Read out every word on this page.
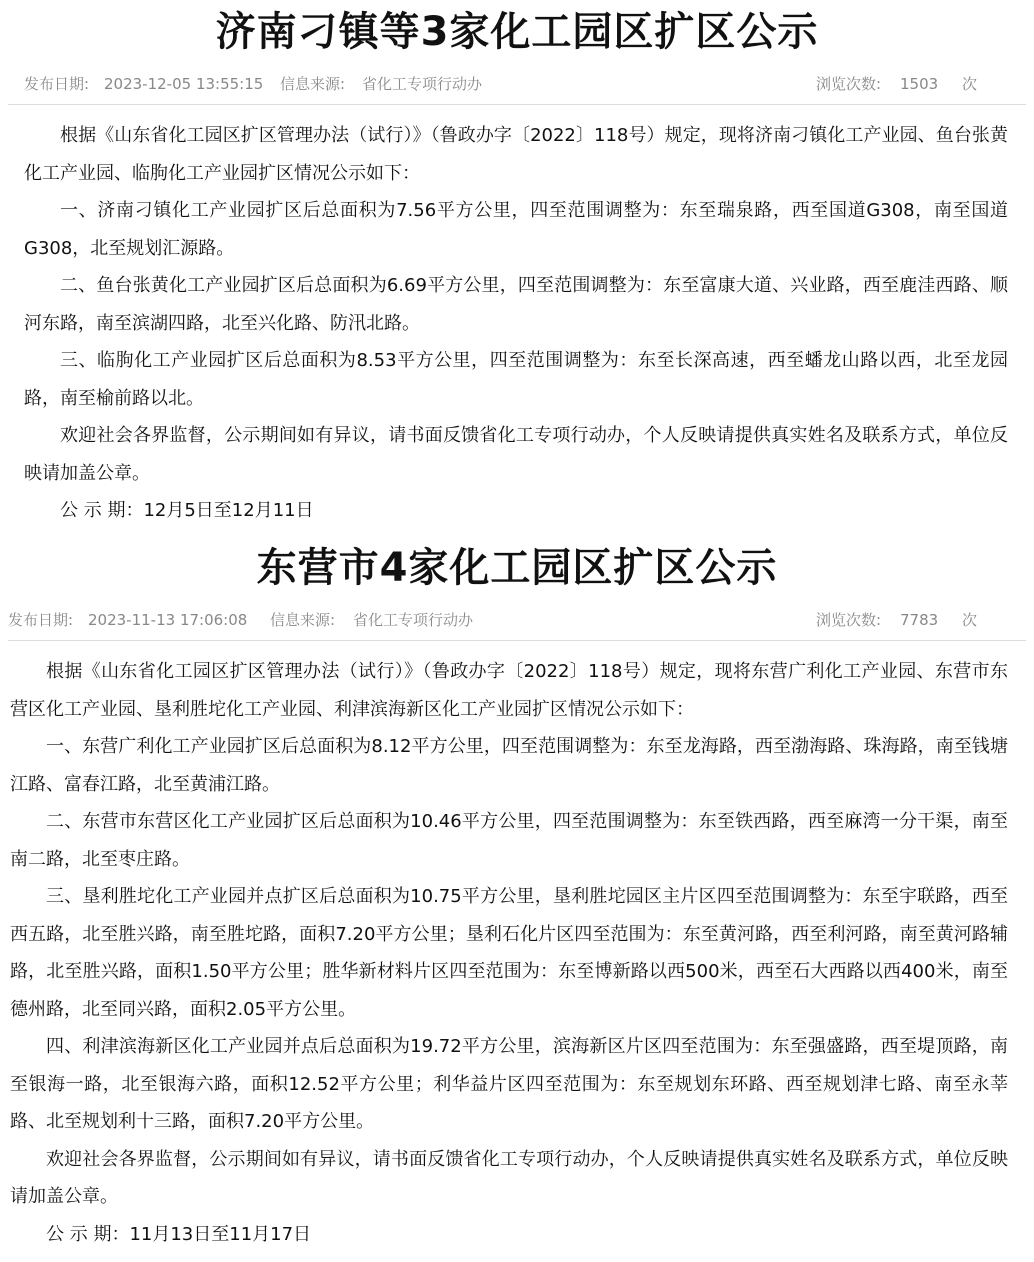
济南刁镇等3家化工园区扩区公示
发布日期: 2023-12-05 13:55:15 信息来源: 省化工专项行动办	浏览次数: 1503 次

根据《山东省化工园区扩区管理办法（试行）》（鲁政办字〔2022〕118号）规定，现将济南刁镇化工产业园、鱼台张黄化工产业园、临朐化工产业园扩区情况公示如下：

一、济南刁镇化工产业园扩区后总面积为7.56平方公里，四至范围调整为：东至瑞泉路，西至国道G308，南至国道G308，北至规划汇源路。

二、鱼台张黄化工产业园扩区后总面积为6.69平方公里，四至范围调整为：东至富康大道、兴业路，西至鹿洼西路、顺河东路，南至滨湖四路，北至兴化路、防汛北路。

三、临朐化工产业园扩区后总面积为8.53平方公里，四至范围调整为：东至长深高速，西至蟠龙山路以西，北至龙园路，南至榆前路以北。

欢迎社会各界监督，公示期间如有异议，请书面反馈省化工专项行动办，个人反映请提供真实姓名及联系方式，单位反映请加盖公章。

公 示 期：12月5日至12月11日

东营市4家化工园区扩区公示
发布日期: 2023-11-13 17:06:08 信息来源: 省化工专项行动办	浏览次数: 7783 次

根据《山东省化工园区扩区管理办法（试行）》（鲁政办字〔2022〕118号）规定，现将东营广利化工产业园、东营市东营区化工产业园、垦利胜坨化工产业园、利津滨海新区化工产业园扩区情况公示如下：

一、东营广利化工产业园扩区后总面积为8.12平方公里，四至范围调整为：东至龙海路，西至渤海路、珠海路，南至钱塘江路、富春江路，北至黄浦江路。

二、东营市东营区化工产业园扩区后总面积为10.46平方公里，四至范围调整为：东至铁西路，西至麻湾一分干渠，南至南二路，北至枣庄路。

三、垦利胜坨化工产业园并点扩区后总面积为10.75平方公里，垦利胜坨园区主片区四至范围调整为：东至宇联路，西至西五路，北至胜兴路，南至胜坨路，面积7.20平方公里；垦利石化片区四至范围为：东至黄河路，西至利河路，南至黄河路辅路，北至胜兴路，面积1.50平方公里；胜华新材料片区四至范围为：东至博新路以西500米，西至石大西路以西400米，南至德州路，北至同兴路，面积2.05平方公里。

四、利津滨海新区化工产业园并点后总面积为19.72平方公里，滨海新区片区四至范围为：东至强盛路，西至堤顶路，南至银海一路，北至银海六路，面积12.52平方公里；利华益片区四至范围为：东至规划东环路、西至规划津七路、南至永莘路、北至规划利十三路，面积7.20平方公里。

欢迎社会各界监督，公示期间如有异议，请书面反馈省化工专项行动办，个人反映请提供真实姓名及联系方式，单位反映请加盖公章。

公 示 期：11月13日至11月17日
